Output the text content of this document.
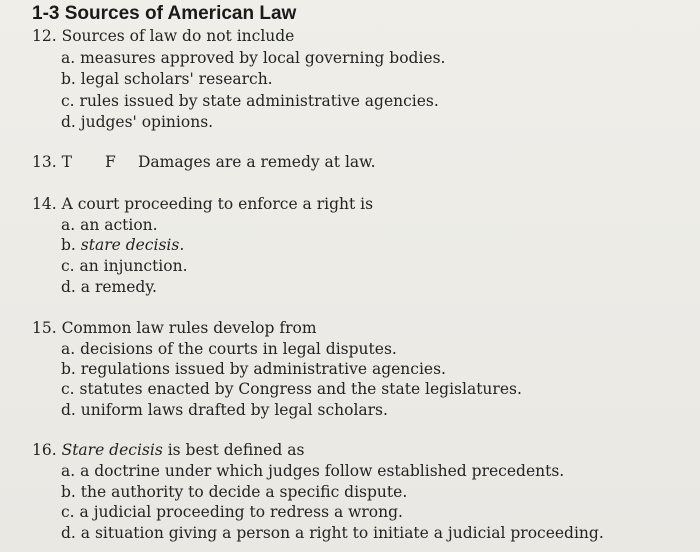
1-3 Sources of American Law
12. Sources of law do not include
a. measures approved by local governing bodies.
b. legal scholars' research.
c. rules issued by state administrative agencies.
d. judges' opinions.
13. T F Damages are a remedy at law.
14. A court proceeding to enforce a right is
a. an action.
b. stare decisis.
c. an injunction.
d. a remedy.
15. Common law rules develop from
a. decisions of the courts in legal disputes.
b. regulations issued by administrative agencies.
c. statutes enacted by Congress and the state legislatures.
d. uniform laws drafted by legal scholars.
16. Stare decisis is best defined as
a. a doctrine under which judges follow established precedents.
b. the authority to decide a specific dispute.
c. a judicial proceeding to redress a wrong.
d. a situation giving a person a right to initiate a judicial proceeding.
